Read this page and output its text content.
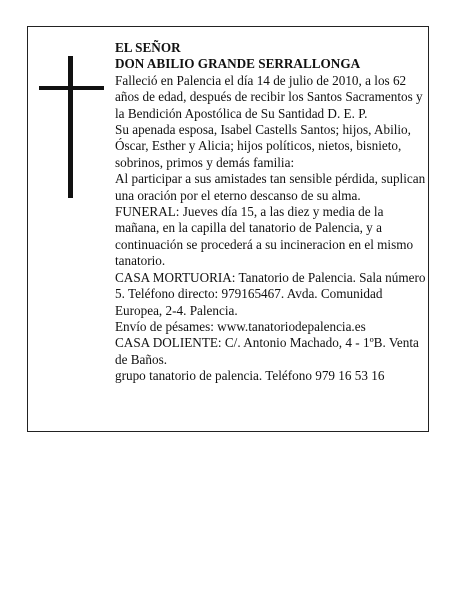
EL SEÑOR

DON ABILIO GRANDE SERRALLONGA

Falleció en Palencia el día 14 de julio de 2010, a los 62 años de edad, después de recibir los Santos Sacramentos y la Bendición Apostólica de Su Santidad D. E. P.

Su apenada esposa, Isabel Castells Santos; hijos, Abilio, Óscar, Esther y Alicia; hijos políticos, nietos, bisnieto, sobrinos, primos y demás familia:

Al participar a sus amistades tan sensible pérdida, suplican una oración por el eterno descanso de su alma.

FUNERAL: Jueves día 15, a las diez y media de la mañana, en la capilla del tanatorio de Palencia, y a continuación se procederá a su incineracion en el mismo tanatorio.

CASA MORTUORIA: Tanatorio de Palencia. Sala número 5. Teléfono directo: 979165467. Avda. Comunidad Europea, 2-4. Palencia.

Envío de pésames: www.tanatoriodepalencia.es

CASA DOLIENTE: C/. Antonio Machado, 4 - 1ºB. Venta de Baños.

grupo tanatorio de palencia. Teléfono 979 16 53 16
